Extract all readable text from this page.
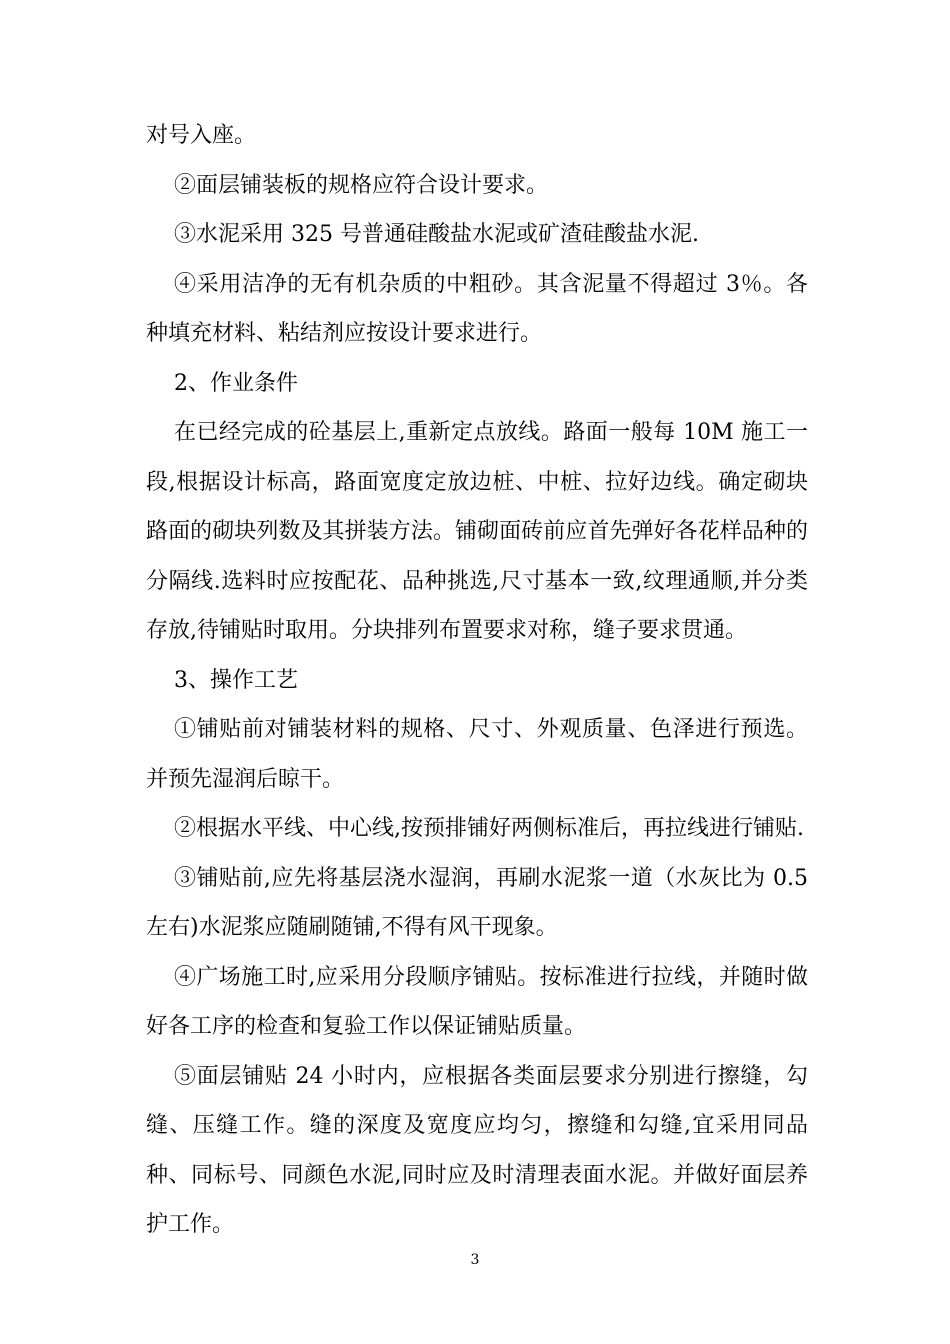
对号入座。

②面层铺装板的规格应符合设计要求。

③水泥采用 325 号普通硅酸盐水泥或矿渣硅酸盐水泥.

④采用洁净的无有机杂质的中粗砂。其含泥量不得超过 3％。各种填充材料、粘结剂应按设计要求进行。

2、作业条件

在已经完成的砼基层上,重新定点放线。路面一般每 10M 施工一段,根据设计标高，路面宽度定放边桩、中桩、拉好边线。确定砌块路面的砌块列数及其拼装方法。铺砌面砖前应首先弹好各花样品种的分隔线.选料时应按配花、品种挑选,尺寸基本一致,纹理通顺,并分类存放,待铺贴时取用。分块排列布置要求对称，缝子要求贯通。

3、操作工艺

①铺贴前对铺装材料的规格、尺寸、外观质量、色泽进行预选。并预先湿润后晾干。

②根据水平线、中心线,按预排铺好两侧标准后，再拉线进行铺贴.

③铺贴前,应先将基层浇水湿润，再刷水泥浆一道（水灰比为 0.5 左右)水泥浆应随刷随铺,不得有风干现象。

④广场施工时,应采用分段顺序铺贴。按标准进行拉线，并随时做好各工序的检查和复验工作以保证铺贴质量。

⑤面层铺贴 24 小时内，应根据各类面层要求分别进行擦缝，勾缝、压缝工作。缝的深度及宽度应均匀，擦缝和勾缝,宜采用同品种、同标号、同颜色水泥,同时应及时清理表面水泥。并做好面层养护工作。

3
